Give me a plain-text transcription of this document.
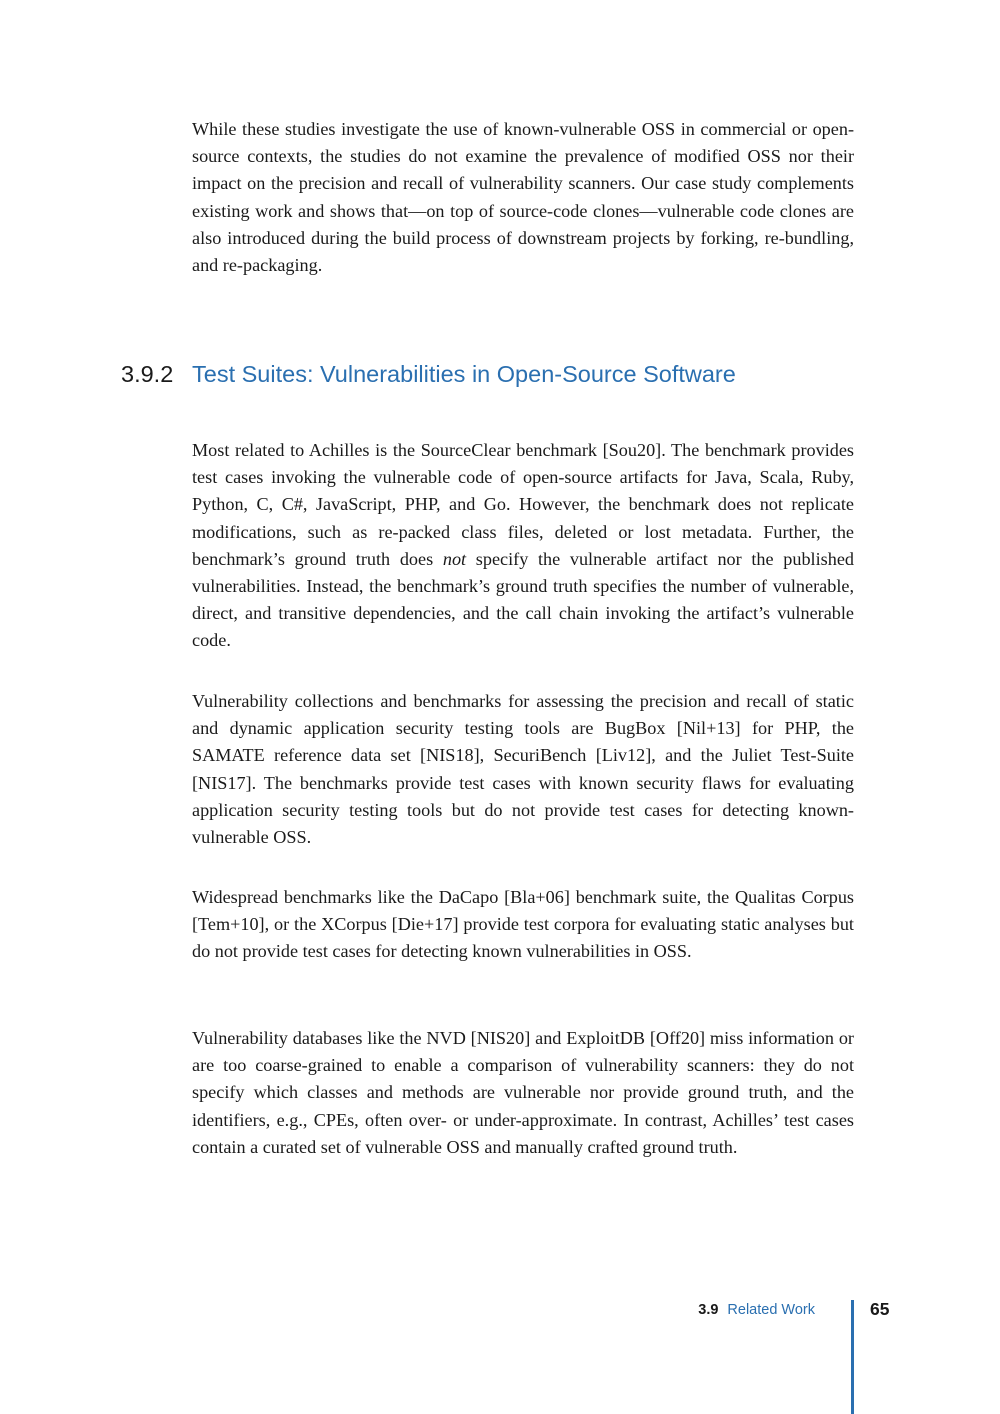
While these studies investigate the use of known-vulnerable OSS in commercial or open-source contexts, the studies do not examine the prevalence of modified OSS nor their impact on the precision and recall of vulnerability scanners. Our case study complements existing work and shows that—on top of source-code clones—vulnerable code clones are also introduced during the build process of downstream projects by forking, re-bundling, and re-packaging.

3.9.2 Test Suites: Vulnerabilities in Open-Source Software

Most related to Achilles is the SourceClear benchmark [Sou20]. The benchmark provides test cases invoking the vulnerable code of open-source artifacts for Java, Scala, Ruby, Python, C, C#, JavaScript, PHP, and Go. However, the benchmark does not replicate modifications, such as re-packed class files, deleted or lost metadata. Further, the benchmark’s ground truth does not specify the vulnerable artifact nor the published vulnerabilities. Instead, the benchmark’s ground truth specifies the number of vulnerable, direct, and transitive dependencies, and the call chain invoking the artifact’s vulnerable code.

Vulnerability collections and benchmarks for assessing the precision and recall of static and dynamic application security testing tools are BugBox [Nil+13] for PHP, the SAMATE reference data set [NIS18], SecuriBench [Liv12], and the Juliet Test-Suite [NIS17]. The benchmarks provide test cases with known security flaws for evaluating application security testing tools but do not provide test cases for detecting known-vulnerable OSS.

Widespread benchmarks like the DaCapo [Bla+06] benchmark suite, the Qualitas Corpus [Tem+10], or the XCorpus [Die+17] provide test corpora for evaluating static analyses but do not provide test cases for detecting known vulnerabilities in OSS.

Vulnerability databases like the NVD [NIS20] and ExploitDB [Off20] miss information or are too coarse-grained to enable a comparison of vulnerability scanners: they do not specify which classes and methods are vulnerable nor provide ground truth, and the identifiers, e.g., CPEs, often over- or under-approximate. In contrast, Achilles’ test cases contain a curated set of vulnerable OSS and manually crafted ground truth.

3.9 Related Work	65
